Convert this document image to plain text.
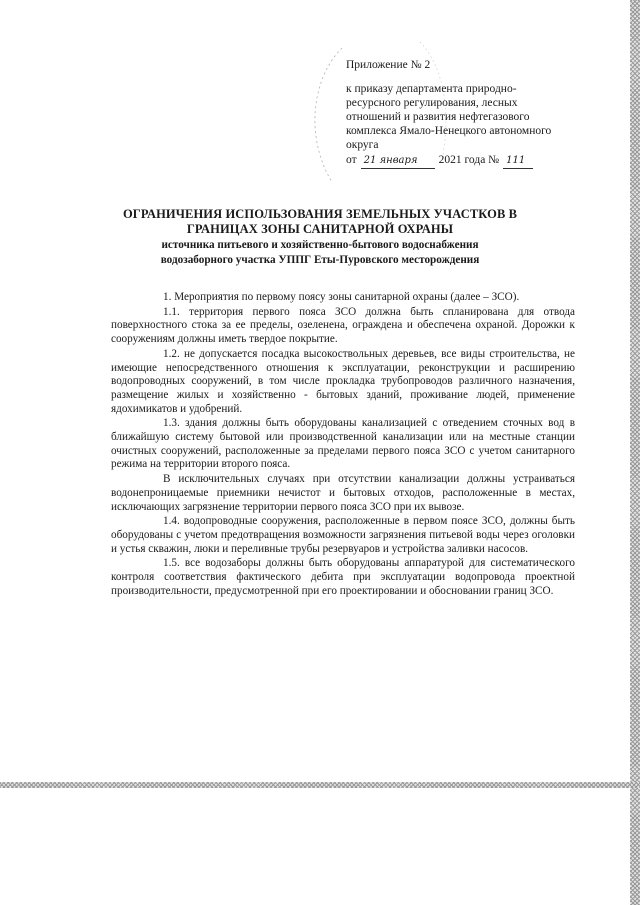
Приложение № 2
к приказу департамента природно-ресурсного регулирования, лесных отношений и развития нефтегазового комплекса Ямало-Ненецкого автономного округа
от 21 января	2021 года № 111
ОГРАНИЧЕНИЯ ИСПОЛЬЗОВАНИЯ ЗЕМЕЛЬНЫХ УЧАСТКОВ В
ГРАНИЦАХ ЗОНЫ САНИТАРНОЙ ОХРАНЫ
источника питьевого и хозяйственно-бытового водоснабжения
водозаборного участка УППГ Еты-Пуровского месторождения

1. Мероприятия по первому поясу зоны санитарной охраны (далее – ЗСО).

1.1. территория первого пояса ЗСО должна быть спланирована для отвода поверхностного стока за ее пределы, озеленена, ограждена и обеспечена охраной. Дорожки к сооружениям должны иметь твердое покрытие.

1.2. не допускается посадка высокоствольных деревьев, все виды строительства, не имеющие непосредственного отношения к эксплуатации, реконструкции и расширению водопроводных сооружений, в том числе прокладка трубопроводов различного назначения, размещение жилых и хозяйственно - бытовых зданий, проживание людей, применение ядохимикатов и удобрений.

1.3. здания должны быть оборудованы канализацией с отведением сточных вод в ближайшую систему бытовой или производственной канализации или на местные станции очистных сооружений, расположенные за пределами первого пояса ЗСО с учетом санитарного режима на территории второго пояса.

В исключительных случаях при отсутствии канализации должны устраиваться водонепроницаемые приемники нечистот и бытовых отходов, расположенные в местах, исключающих загрязнение территории первого пояса ЗСО при их вывозе.

1.4. водопроводные сооружения, расположенные в первом поясе ЗСО, должны быть оборудованы с учетом предотвращения возможности загрязнения питьевой воды через оголовки и устья скважин, люки и переливные трубы резервуаров и устройства заливки насосов.

1.5. все водозаборы должны быть оборудованы аппаратурой для систематического контроля соответствия фактического дебита при эксплуатации водопровода проектной производительности, предусмотренной при его проектировании и обосновании границ ЗСО.
